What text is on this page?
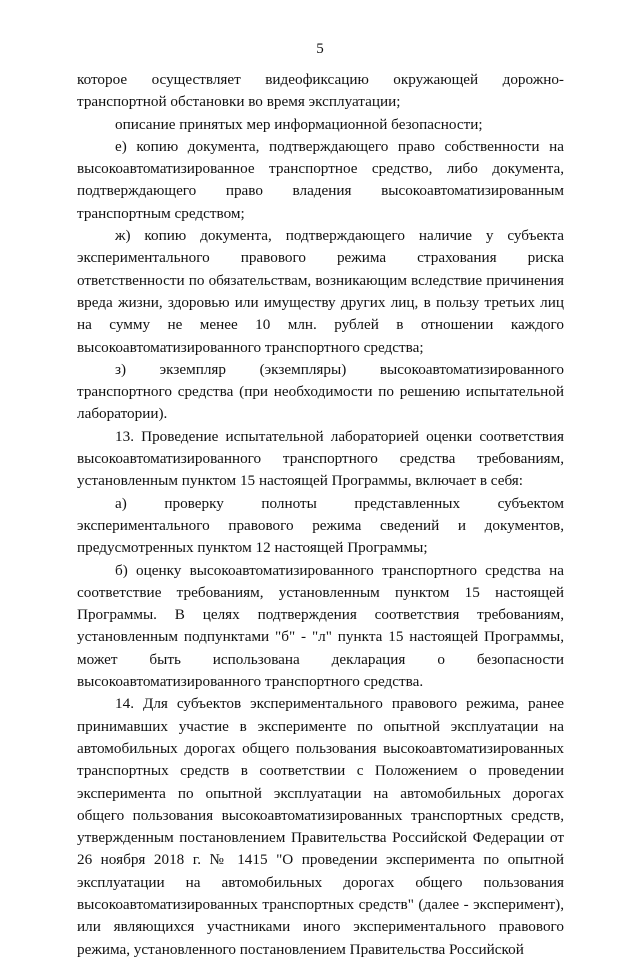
5

которое осуществляет видеофиксацию окружающей дорожно-транспортной обстановки во время эксплуатации;

описание принятых мер информационной безопасности;

е) копию документа, подтверждающего право собственности на высокоавтоматизированное транспортное средство, либо документа, подтверждающего право владения высокоавтоматизированным транспортным средством;

ж) копию документа, подтверждающего наличие у субъекта экспериментального правового режима страхования риска ответственности по обязательствам, возникающим вследствие причинения вреда жизни, здоровью или имуществу других лиц, в пользу третьих лиц на сумму не менее 10 млн. рублей в отношении каждого высокоавтоматизированного транспортного средства;

з) экземпляр (экземпляры) высокоавтоматизированного транспортного средства (при необходимости по решению испытательной лаборатории).

13. Проведение испытательной лабораторией оценки соответствия высокоавтоматизированного транспортного средства требованиям, установленным пунктом 15 настоящей Программы, включает в себя:

а) проверку полноты представленных субъектом экспериментального правового режима сведений и документов, предусмотренных пунктом 12 настоящей Программы;

б) оценку высокоавтоматизированного транспортного средства на соответствие требованиям, установленным пунктом 15 настоящей Программы. В целях подтверждения соответствия требованиям, установленным подпунктами "б" - "л" пункта 15 настоящей Программы, может быть использована декларация о безопасности высокоавтоматизированного транспортного средства.

14. Для субъектов экспериментального правового режима, ранее принимавших участие в эксперименте по опытной эксплуатации на автомобильных дорогах общего пользования высокоавтоматизированных транспортных средств в соответствии с Положением о проведении эксперимента по опытной эксплуатации на автомобильных дорогах общего пользования высокоавтоматизированных транспортных средств, утвержденным постановлением Правительства Российской Федерации от 26 ноября 2018 г. № 1415 "О проведении эксперимента по опытной эксплуатации на автомобильных дорогах общего пользования высокоавтоматизированных транспортных средств" (далее - эксперимент), или являющихся участниками иного экспериментального правового режима, установленного постановлением Правительства Российской
